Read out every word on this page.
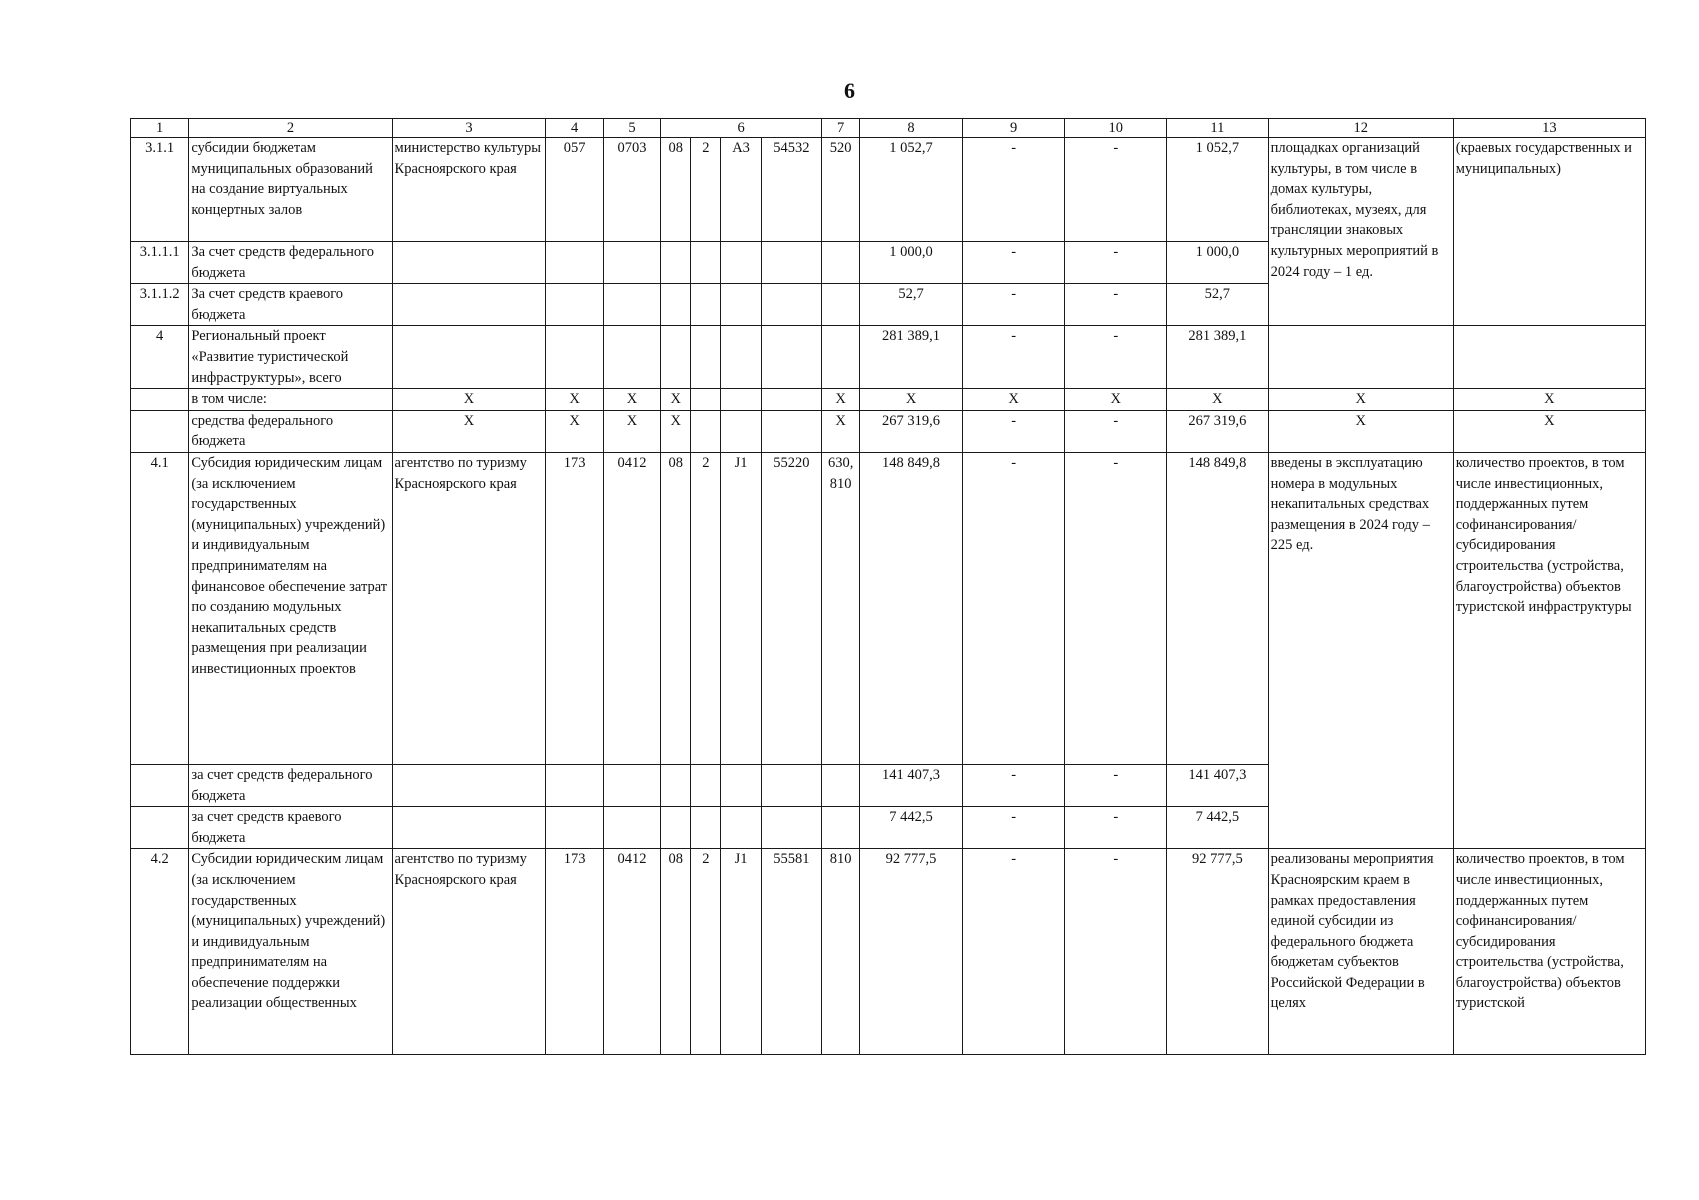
6
1	2	3	4	5	6				7	8	9	10	11	12	13
3.1.1	субсидии бюджетам муниципальных образований на создание виртуальных концертных залов	министерство культуры Красноярского края	057	0703	08	2	А3	54532	520	1 052,7	-	-	1 052,7	площадках организаций культуры, в том числе в домах культуры, библиотеках, музеях, для трансляции знаковых культурных мероприятий в 2024 году – 1 ед.	(краевых государственных и муниципальных)
3.1.1.1	За счет средств федерального бюджета									1 000,0	-	-	1 000,0		
3.1.1.2	За счет средств краевого бюджета									52,7	-	-	52,7		
4	Региональный проект «Развитие туристической инфраструктуры», всего									281 389,1	-	-	281 389,1		
	в том числе:	X	X	X	X				X	X	X	X	X	X	X
	средства федерального бюджета	X	X	X	X				X	267 319,6	-	-	267 319,6	X	X
4.1	Субсидия юридическим лицам (за исключением государственных (муниципальных) учреждений) и индивидуальным предпринимателям на финансовое обеспечение затрат по созданию модульных некапитальных средств размещения при реализации инвестиционных проектов	агентство по туризму Красноярского края	173	0412	08	2	J1	55220	630, 810	148 849,8	-	-	148 849,8	введены в эксплуатацию номера в модульных некапитальных средствах размещения в 2024 году – 225 ед.	количество проектов, в том числе инвестиционных, поддержанных путем софинансирования/ субсидирования строительства (устройства, благоустройства) объектов туристской инфраструктуры
	за счет средств федерального бюджета									141 407,3	-	-	141 407,3		
	за счет средств краевого бюджета									7 442,5	-	-	7 442,5		
4.2	Субсидии юридическим лицам (за исключением государственных (муниципальных) учреждений) и индивидуальным предпринимателям на обеспечение поддержки реализации общественных	агентство по туризму Красноярского края	173	0412	08	2	J1	55581	810	92 777,5	-	-	92 777,5	реализованы мероприятия Красноярским краем в рамках предоставления единой субсидии из федерального бюджета бюджетам субъектов Российской Федерации в целях	количество проектов, в том числе инвестиционных, поддержанных путем софинансирования/ субсидирования строительства (устройства, благоустройства) объектов туристской
